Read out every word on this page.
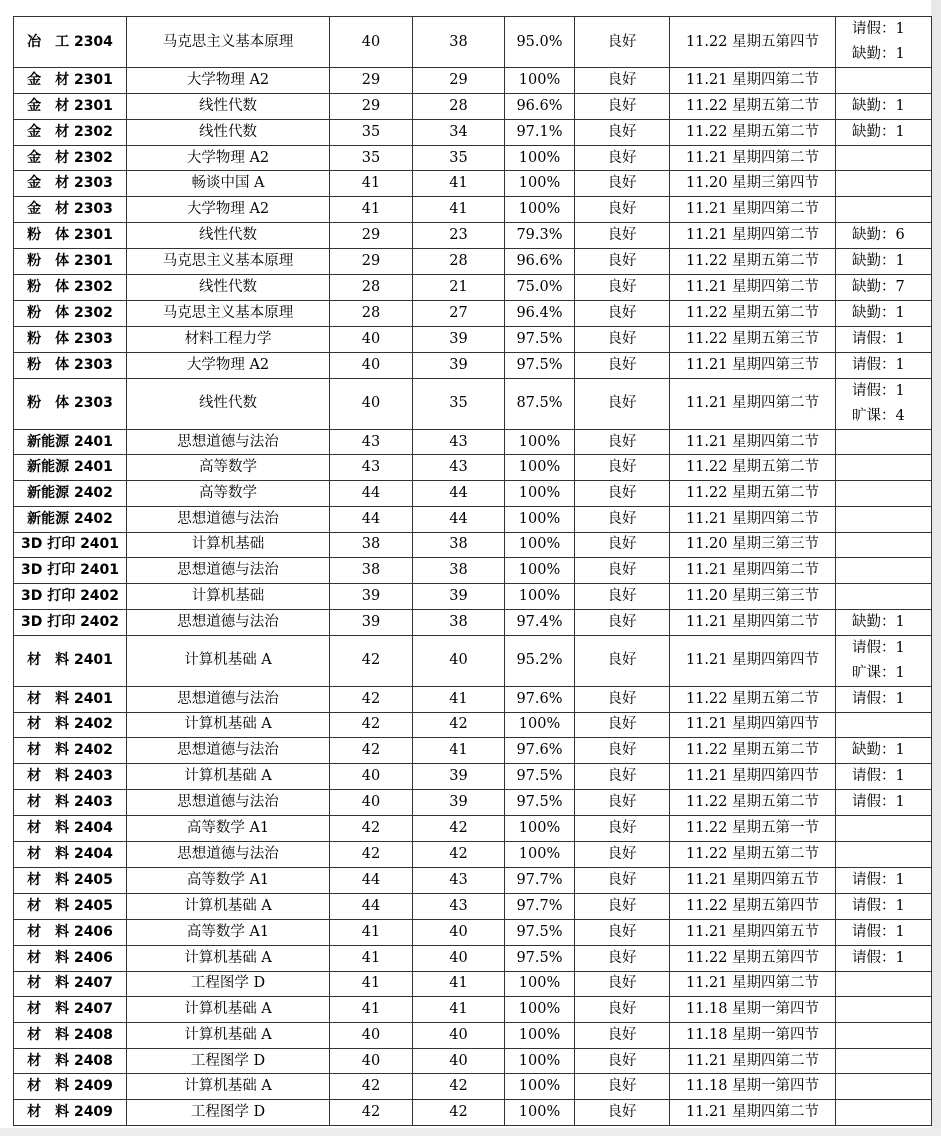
冶　工 2304	马克思主义基本原理	40	38	95.0%	良好	11.22 星期五第四节	请假：1
缺勤：1

金　材 2301	大学物理 A2	29	29	100%	良好	11.21 星期四第二节	
金　材 2301	线性代数	29	28	96.6%	良好	11.22 星期五第二节	缺勤：1

金　材 2302	线性代数	35	34	97.1%	良好	11.22 星期五第二节	缺勤：1

金　材 2302	大学物理 A2	35	35	100%	良好	11.21 星期四第二节	
金　材 2303	畅谈中国 A	41	41	100%	良好	11.20 星期三第四节	
金　材 2303	大学物理 A2	41	41	100%	良好	11.21 星期四第二节	
粉　体 2301	线性代数	29	23	79.3%	良好	11.21 星期四第二节	缺勤：6

粉　体 2301	马克思主义基本原理	29	28	96.6%	良好	11.22 星期五第二节	缺勤：1

粉　体 2302	线性代数	28	21	75.0%	良好	11.21 星期四第二节	缺勤：7

粉　体 2302	马克思主义基本原理	28	27	96.4%	良好	11.22 星期五第二节	缺勤：1

粉　体 2303	材料工程力学	40	39	97.5%	良好	11.22 星期五第三节	请假：1

粉　体 2303	大学物理 A2	40	39	97.5%	良好	11.21 星期四第三节	请假：1

粉　体 2303	线性代数	40	35	87.5%	良好	11.21 星期四第二节	请假：1
旷课：4

新能源 2401	思想道德与法治	43	43	100%	良好	11.21 星期四第二节	
新能源 2401	高等数学	43	43	100%	良好	11.22 星期五第二节	
新能源 2402	高等数学	44	44	100%	良好	11.22 星期五第二节	
新能源 2402	思想道德与法治	44	44	100%	良好	11.21 星期四第二节	
3D 打印 2401	计算机基础	38	38	100%	良好	11.20 星期三第三节	
3D 打印 2401	思想道德与法治	38	38	100%	良好	11.21 星期四第二节	
3D 打印 2402	计算机基础	39	39	100%	良好	11.20 星期三第三节	
3D 打印 2402	思想道德与法治	39	38	97.4%	良好	11.21 星期四第二节	缺勤：1

材　料 2401	计算机基础 A	42	40	95.2%	良好	11.21 星期四第四节	请假：1
旷课：1

材　料 2401	思想道德与法治	42	41	97.6%	良好	11.22 星期五第二节	请假：1

材　料 2402	计算机基础 A	42	42	100%	良好	11.21 星期四第四节	
材　料 2402	思想道德与法治	42	41	97.6%	良好	11.22 星期五第二节	缺勤：1

材　料 2403	计算机基础 A	40	39	97.5%	良好	11.21 星期四第四节	请假：1

材　料 2403	思想道德与法治	40	39	97.5%	良好	11.22 星期五第二节	请假：1

材　料 2404	高等数学 A1	42	42	100%	良好	11.22 星期五第一节	
材　料 2404	思想道德与法治	42	42	100%	良好	11.22 星期五第二节	
材　料 2405	高等数学 A1	44	43	97.7%	良好	11.21 星期四第五节	请假：1

材　料 2405	计算机基础 A	44	43	97.7%	良好	11.22 星期五第四节	请假：1

材　料 2406	高等数学 A1	41	40	97.5%	良好	11.21 星期四第五节	请假：1

材　料 2406	计算机基础 A	41	40	97.5%	良好	11.22 星期五第四节	请假：1

材　料 2407	工程图学 D	41	41	100%	良好	11.21 星期四第二节	
材　料 2407	计算机基础 A	41	41	100%	良好	11.18 星期一第四节	
材　料 2408	计算机基础 A	40	40	100%	良好	11.18 星期一第四节	
材　料 2408	工程图学 D	40	40	100%	良好	11.21 星期四第二节	
材　料 2409	计算机基础 A	42	42	100%	良好	11.18 星期一第四节	
材　料 2409	工程图学 D	42	42	100%	良好	11.21 星期四第二节	
